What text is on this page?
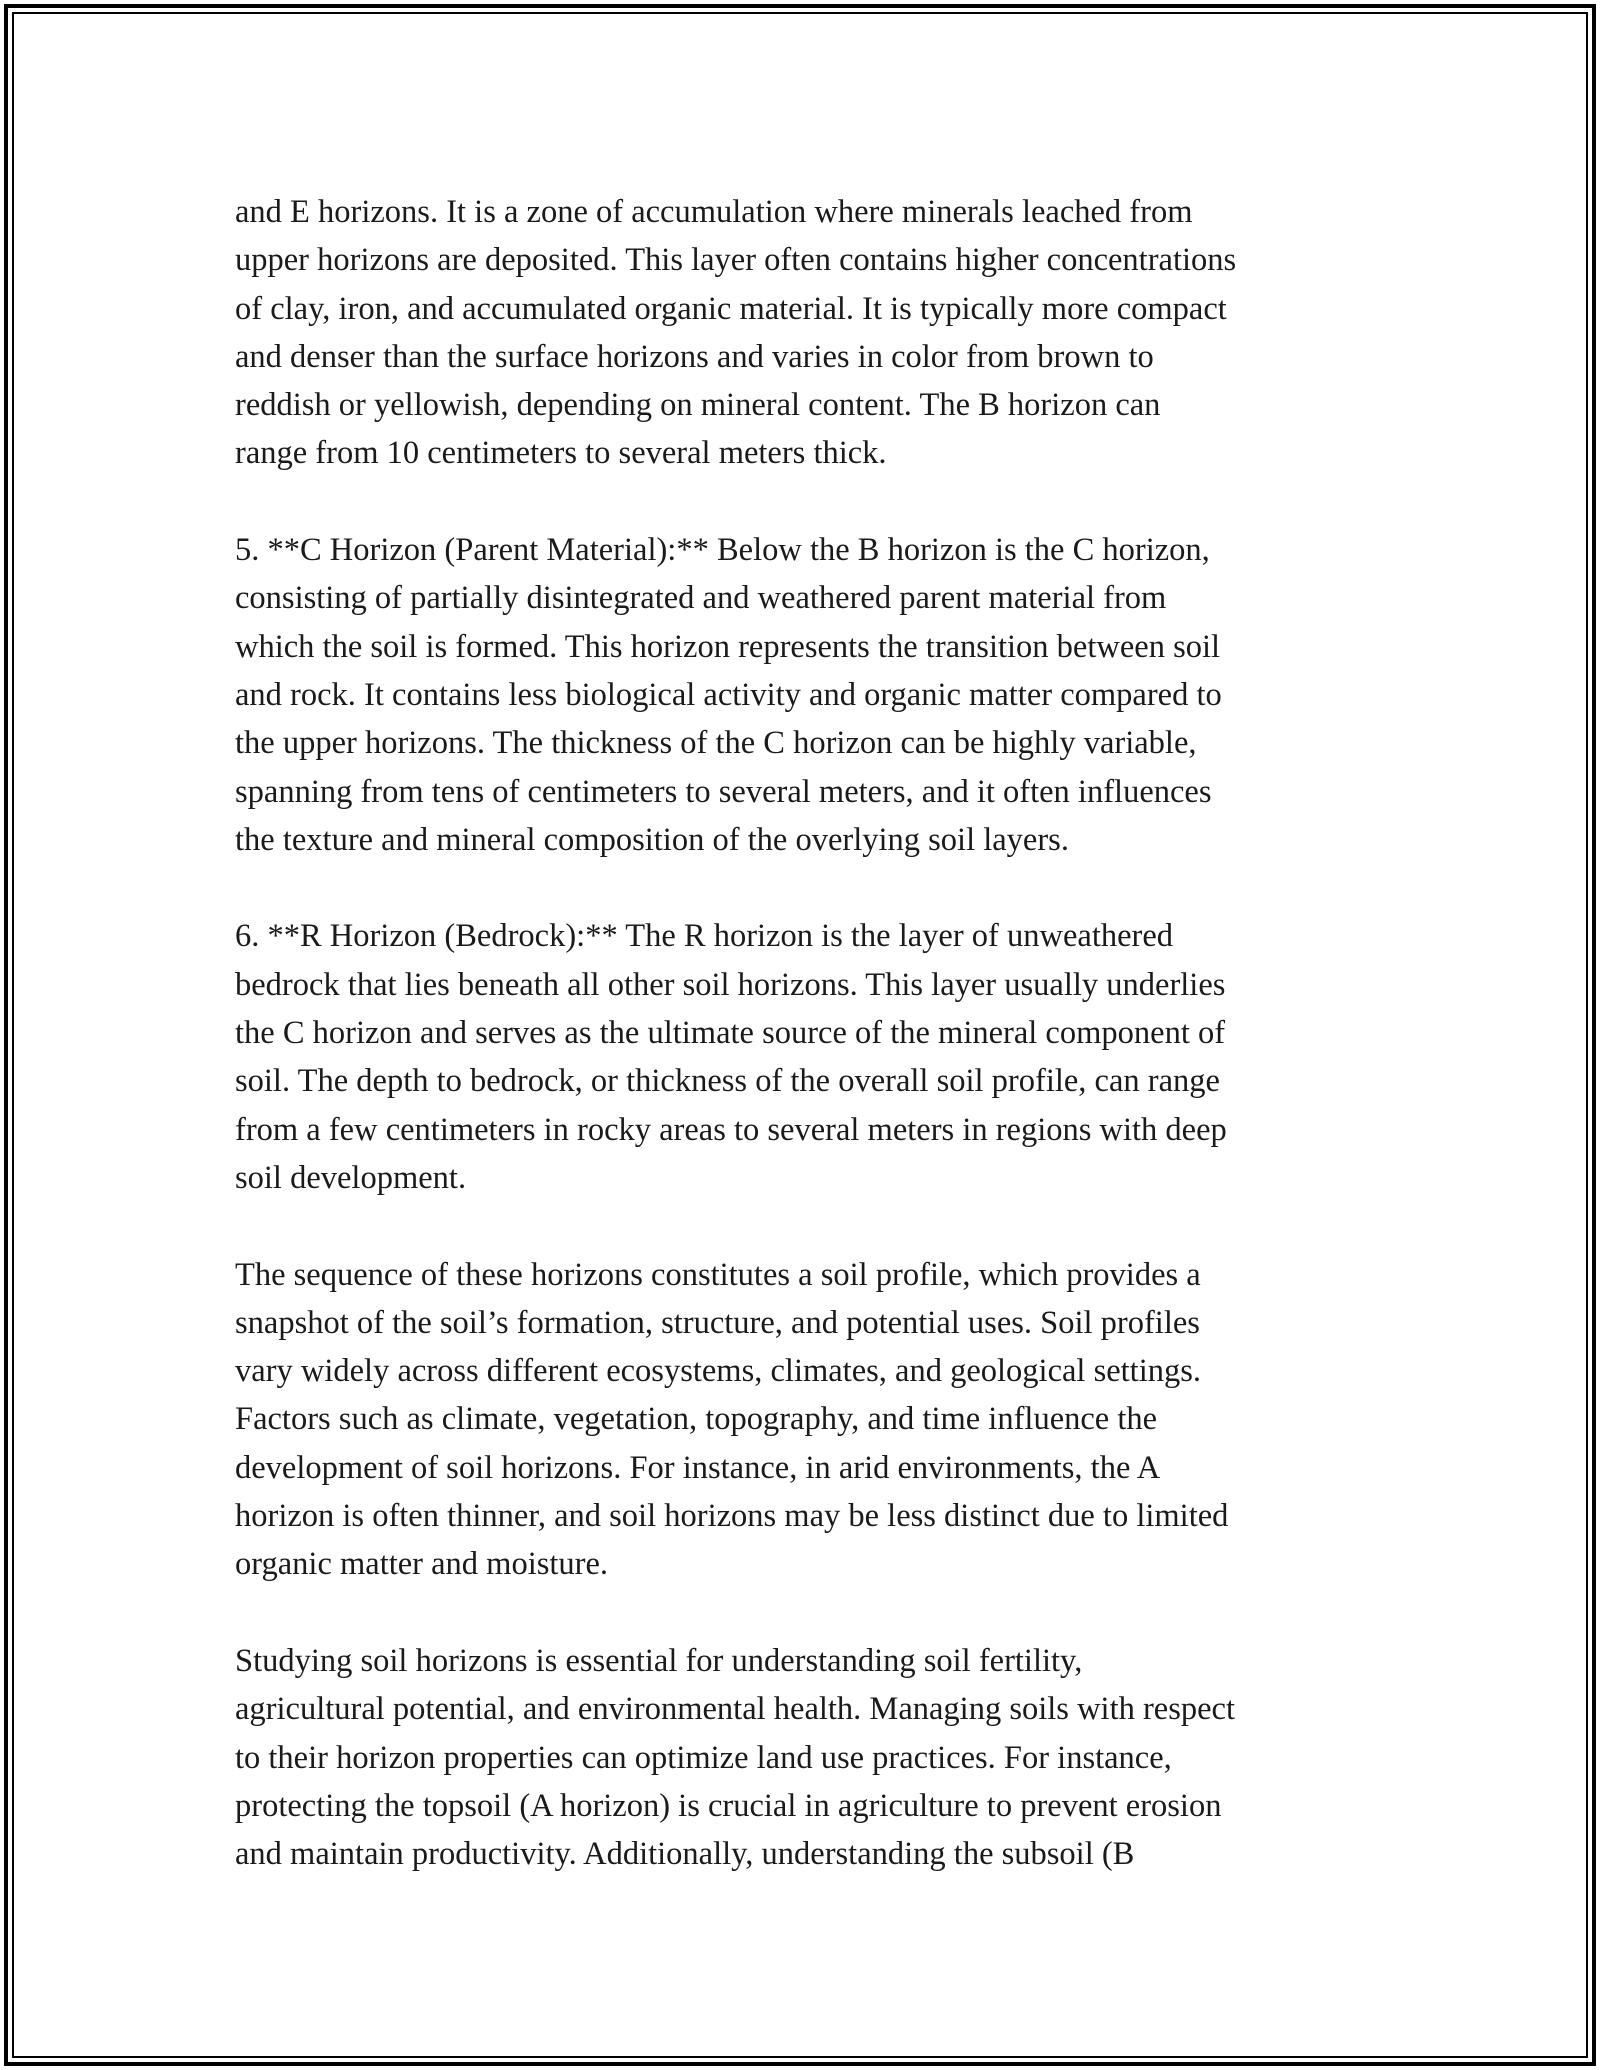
and E horizons. It is a zone of accumulation where minerals leached from
upper horizons are deposited. This layer often contains higher concentrations
of clay, iron, and accumulated organic material. It is typically more compact
and denser than the surface horizons and varies in color from brown to
reddish or yellowish, depending on mineral content. The B horizon can
range from 10 centimeters to several meters thick.

5. **C Horizon (Parent Material):** Below the B horizon is the C horizon,
consisting of partially disintegrated and weathered parent material from
which the soil is formed. This horizon represents the transition between soil
and rock. It contains less biological activity and organic matter compared to
the upper horizons. The thickness of the C horizon can be highly variable,
spanning from tens of centimeters to several meters, and it often influences
the texture and mineral composition of the overlying soil layers.

6. **R Horizon (Bedrock):** The R horizon is the layer of unweathered
bedrock that lies beneath all other soil horizons. This layer usually underlies
the C horizon and serves as the ultimate source of the mineral component of
soil. The depth to bedrock, or thickness of the overall soil profile, can range
from a few centimeters in rocky areas to several meters in regions with deep
soil development.

The sequence of these horizons constitutes a soil profile, which provides a
snapshot of the soil’s formation, structure, and potential uses. Soil profiles
vary widely across different ecosystems, climates, and geological settings.
Factors such as climate, vegetation, topography, and time influence the
development of soil horizons. For instance, in arid environments, the A
horizon is often thinner, and soil horizons may be less distinct due to limited
organic matter and moisture.

Studying soil horizons is essential for understanding soil fertility,
agricultural potential, and environmental health. Managing soils with respect
to their horizon properties can optimize land use practices. For instance,
protecting the topsoil (A horizon) is crucial in agriculture to prevent erosion
and maintain productivity. Additionally, understanding the subsoil (B
